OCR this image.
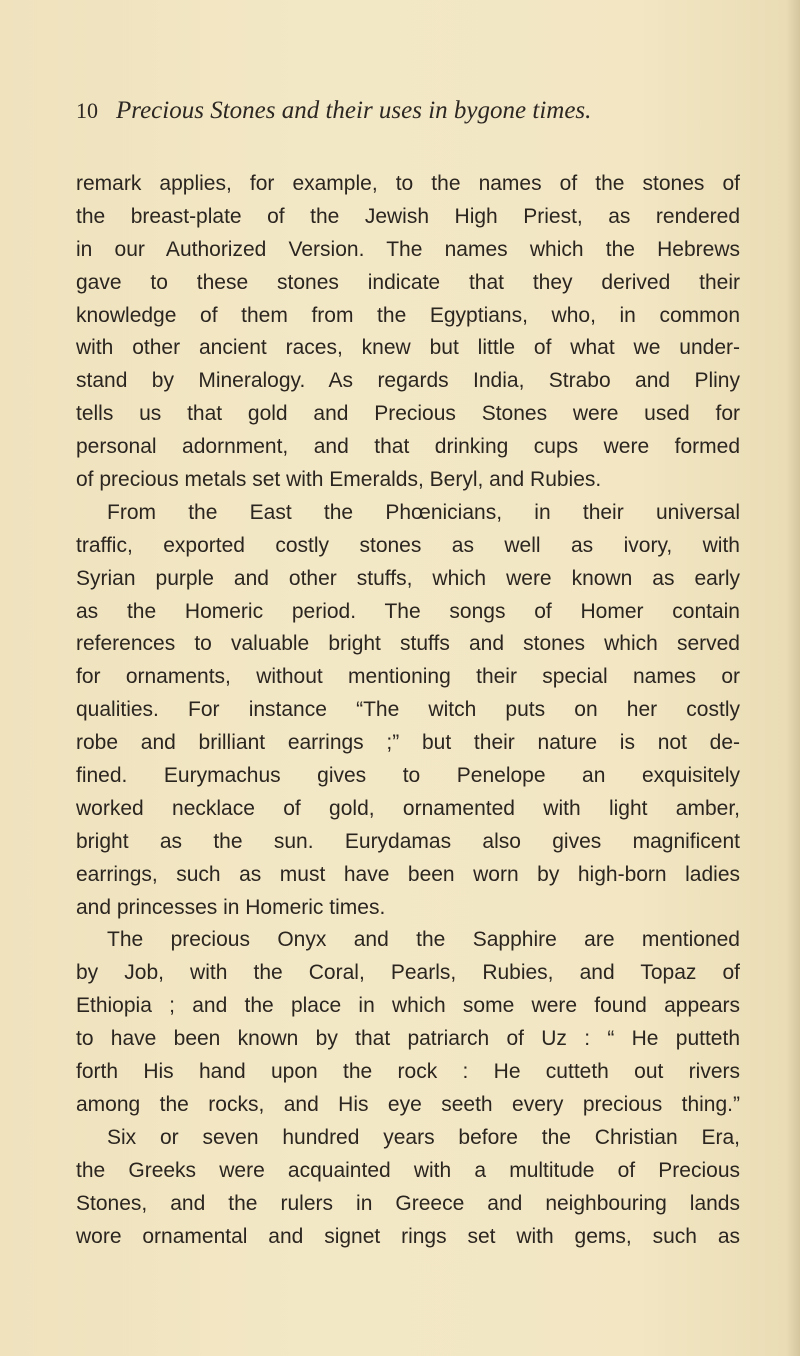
10 Precious Stones and their uses in bygone times.
remark applies, for example, to the names of the stones of
the breast-plate of the Jewish High Priest, as rendered
in our Authorized Version. The names which the Hebrews
gave to these stones indicate that they derived their
knowledge of them from the Egyptians, who, in common
with other ancient races, knew but little of what we under-
stand by Mineralogy. As regards India, Strabo and Pliny
tells us that gold and Precious Stones were used for
personal adornment, and that drinking cups were formed
of precious metals set with Emeralds, Beryl, and Rubies.
From the East the Phœnicians, in their universal
traffic, exported costly stones as well as ivory, with
Syrian purple and other stuffs, which were known as early
as the Homeric period. The songs of Homer contain
references to valuable bright stuffs and stones which served
for ornaments, without mentioning their special names or
qualities. For instance “The witch puts on her costly
robe and brilliant earrings ;” but their nature is not de-
fined. Eurymachus gives to Penelope an exquisitely
worked necklace of gold, ornamented with light amber,
bright as the sun. Eurydamas also gives magnificent
earrings, such as must have been worn by high-born ladies
and princesses in Homeric times.
The precious Onyx and the Sapphire are mentioned
by Job, with the Coral, Pearls, Rubies, and Topaz of
Ethiopia ; and the place in which some were found appears
to have been known by that patriarch of Uz : “ He putteth
forth His hand upon the rock : He cutteth out rivers
among the rocks, and His eye seeth every precious thing.”
Six or seven hundred years before the Christian Era,
the Greeks were acquainted with a multitude of Precious
Stones, and the rulers in Greece and neighbouring lands
wore ornamental and signet rings set with gems, such as
